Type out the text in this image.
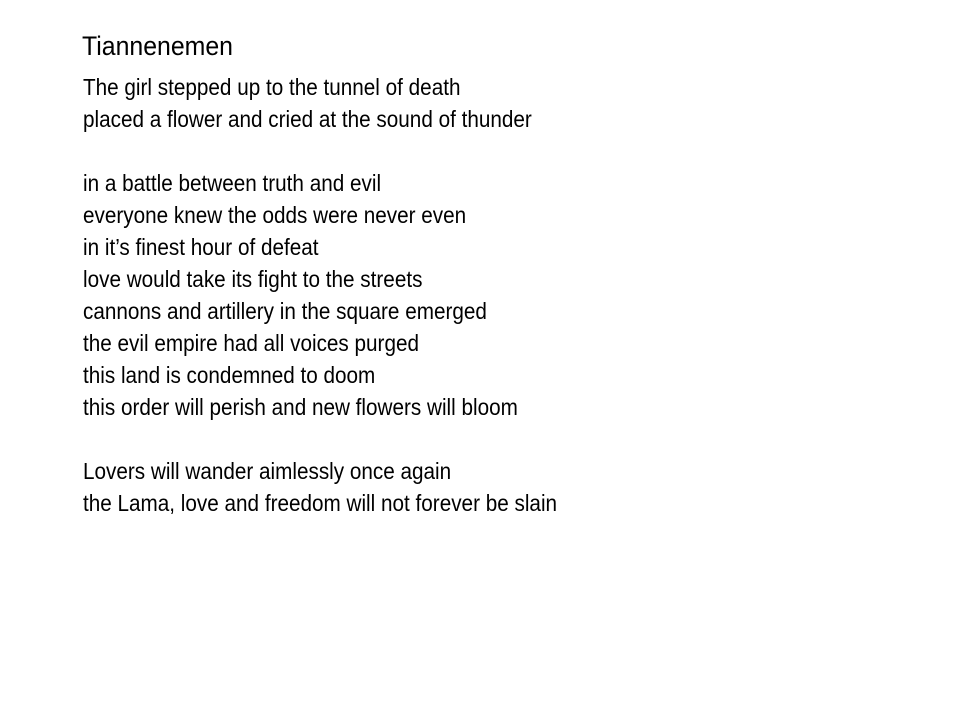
Tiannenemen
The girl stepped up to the tunnel of death
placed a flower and cried at the sound of thunder
in a battle between truth and evil
everyone knew the odds were never even
in it’s finest hour of defeat
love would take its fight to the streets
cannons and artillery in the square emerged
the evil empire had all voices purged
this land is condemned to doom
this order will perish and new flowers will bloom
Lovers will wander aimlessly once again
the Lama, love and freedom will not forever be slain
